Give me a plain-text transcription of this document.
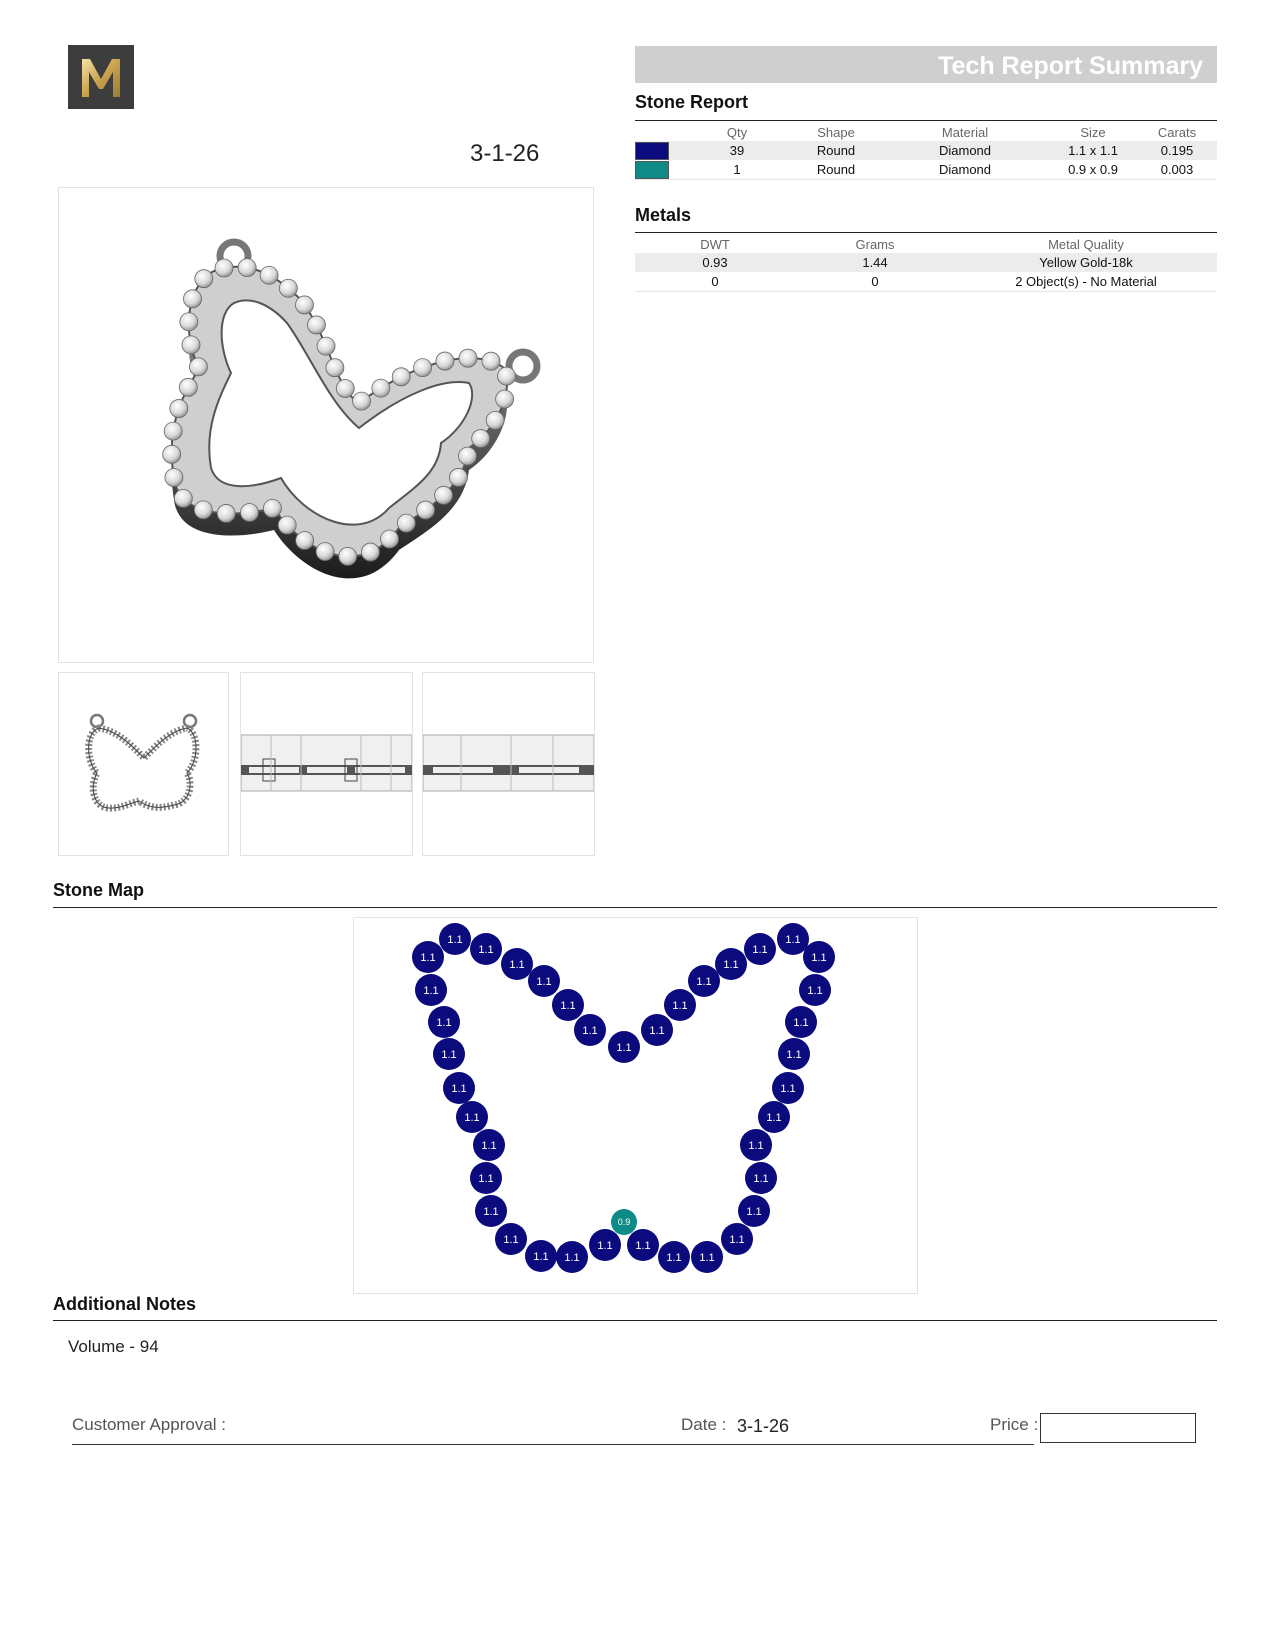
3-1-26
Tech Report Summary
Stone Report
	Qty	Shape	Material	Size	Carats
	39	Round	Diamond	1.1 x 1.1	0.195
	1	Round	Diamond	0.9 x 0.9	0.003
Metals
DWT	Grams	Metal Quality
0.93	1.44	Yellow Gold-18k
0	0	2 Object(s) - No Material
Stone Map
1.1
1.1
1.1
1.1
1.1
1.1
1.1
1.1
1.1
1.1
1.1
1.1
1.1
1.1	1.1
1.1	1.1
1.1	1.1
1.1	1.1
1.1	1.1
1.1	1.1
1.1	1.1
1.1	1.1
1.1	1.1
1.1	1.1
1.1 1.1
1.1 1.1
1.1 1.1
0.9
Additional Notes
Volume - 94
Customer Approval :	Date : 3-1-26	Price :
